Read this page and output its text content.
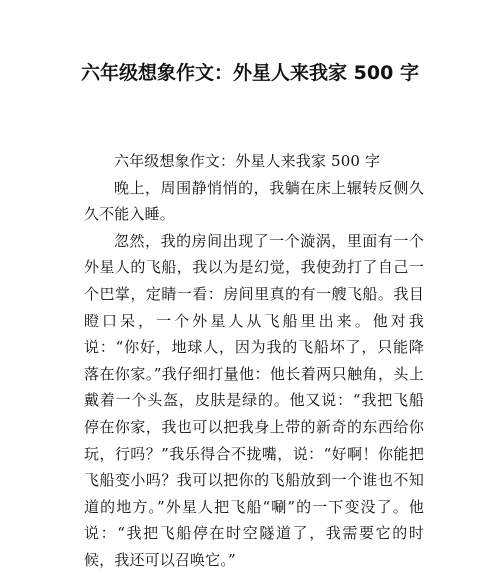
六年级想象作文：外星人来我家 500 字

六年级想象作文：外星人来我家 500 字

晚上，周围静悄悄的，我躺在床上辗转反侧久久不能入睡。

忽然，我的房间出现了一个漩涡，里面有一个外星人的飞船，我以为是幻觉，我使劲打了自己一个巴掌，定睛一看：房间里真的有一艘飞船。我目瞪口呆，一个外星人从飞船里出来。他对我说：“你好，地球人，因为我的飞船坏了，只能降落在你家。”我仔细打量他：他长着两只触角，头上戴着一个头盔，皮肤是绿的。他又说：“我把飞船停在你家，我也可以把我身上带的新奇的东西给你玩，行吗？”我乐得合不拢嘴，说：“好啊！你能把飞船变小吗？我可以把你的飞船放到一个谁也不知道的地方。”外星人把飞船“唰”的一下变没了。他说：“我把飞船停在时空隧道了，我需要它的时候，我还可以召唤它。”
